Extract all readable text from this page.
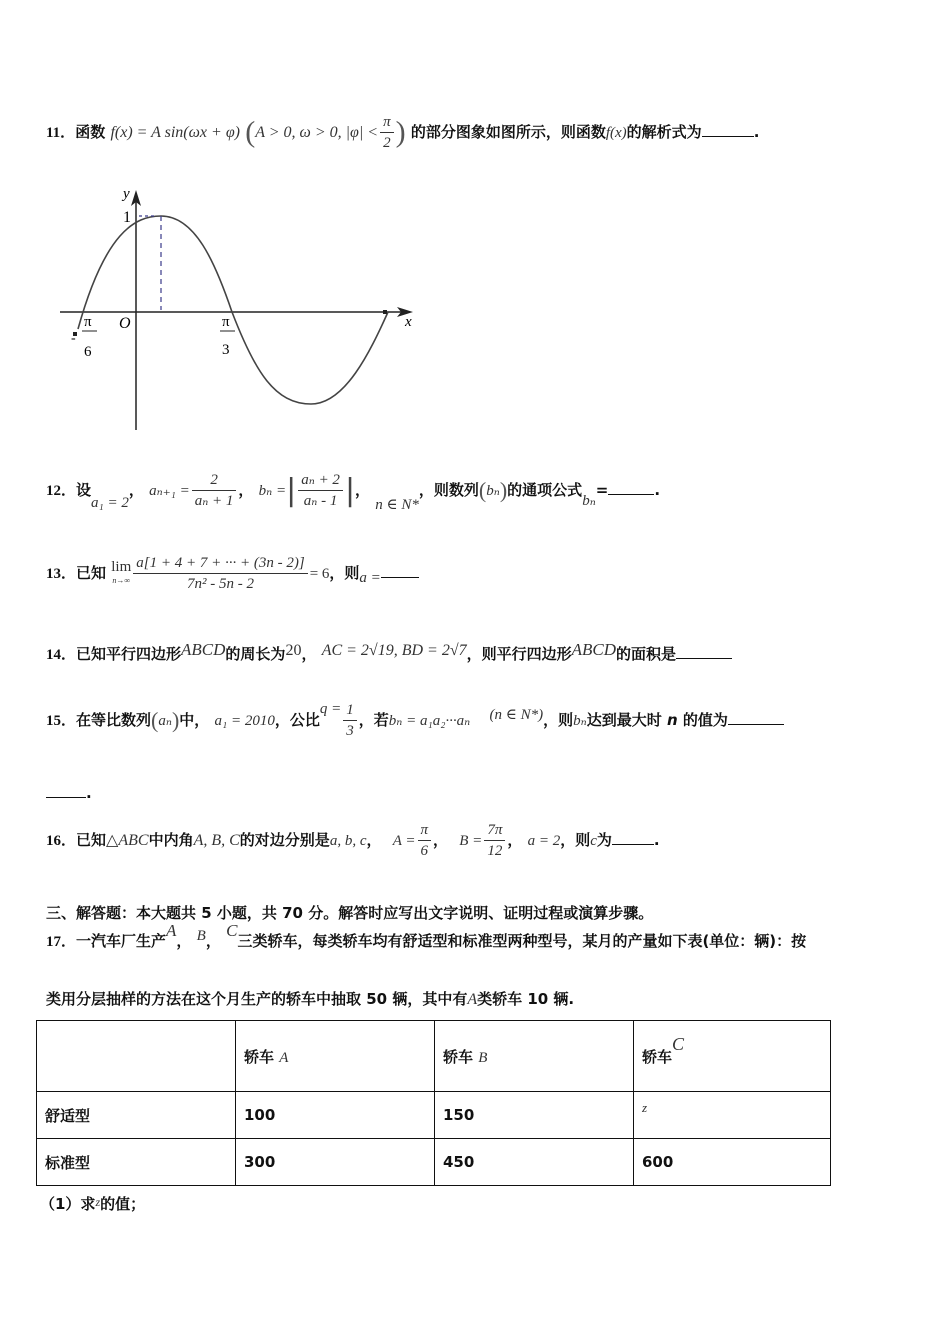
11．函数 f(x) = A sin(ωx + φ) (A > 0, ω > 0, $|\varphi| < \frac{\pi}{2}$ ) 的部分图象如图所示，则函数f(x)的解析式为	.
y
x
O
1
-
π
6
π
3
12．设a₁ = 2， $a_{n+1} = \frac{2}{\text{aₙ + 1}}$ ， bₙ =| $\frac{\text{aₙ + 2}}{\text{aₙ - 1}}$ |， n ∈ N*，则数列(bₙ)的通项公式bₙ=	.
13．已知 lim
$n\to\infty \frac{a[1 + 4 + 7 + \cdot\cdot\cdot + (3n - 2)]}{\text{7n² - 5n - 2}} = 6$，则a =
14．已知平行四边形ABCD的周长为20， AC = 2√19, BD = 2√7，则平行四边形ABCD的面积是
15．在等比数列(aₙ)中， a₁ = 2010，公比$q = \frac{1}{3}$ ，若bₙ = a₁a₂···aₙ (n ∈ N*)，则bₙ达到最大时 n 的值为
.
16．已知△ABC中内角A, B, C的对边分别是a, b, c， $A = \frac{\pi}{6}$ ， $B = \frac{7\pi}{12}$ ， a = 2，则c为	.
三、解答题：本大题共 5 小题，共 70 分。解答时应写出文字说明、证明过程或演算步骤。
17．一汽车厂生产A， B， C三类轿车，每类轿车均有舒适型和标准型两种型号，某月的产量如下表(单位：辆)：按
类用分层抽样的方法在这个月生产的轿车中抽取 50 辆，其中有A类轿车 10 辆.
	轿车 A	轿车 B	轿车C
舒适型	100	150	z
标准型	300	450	600
（1）求$^z$的值；
